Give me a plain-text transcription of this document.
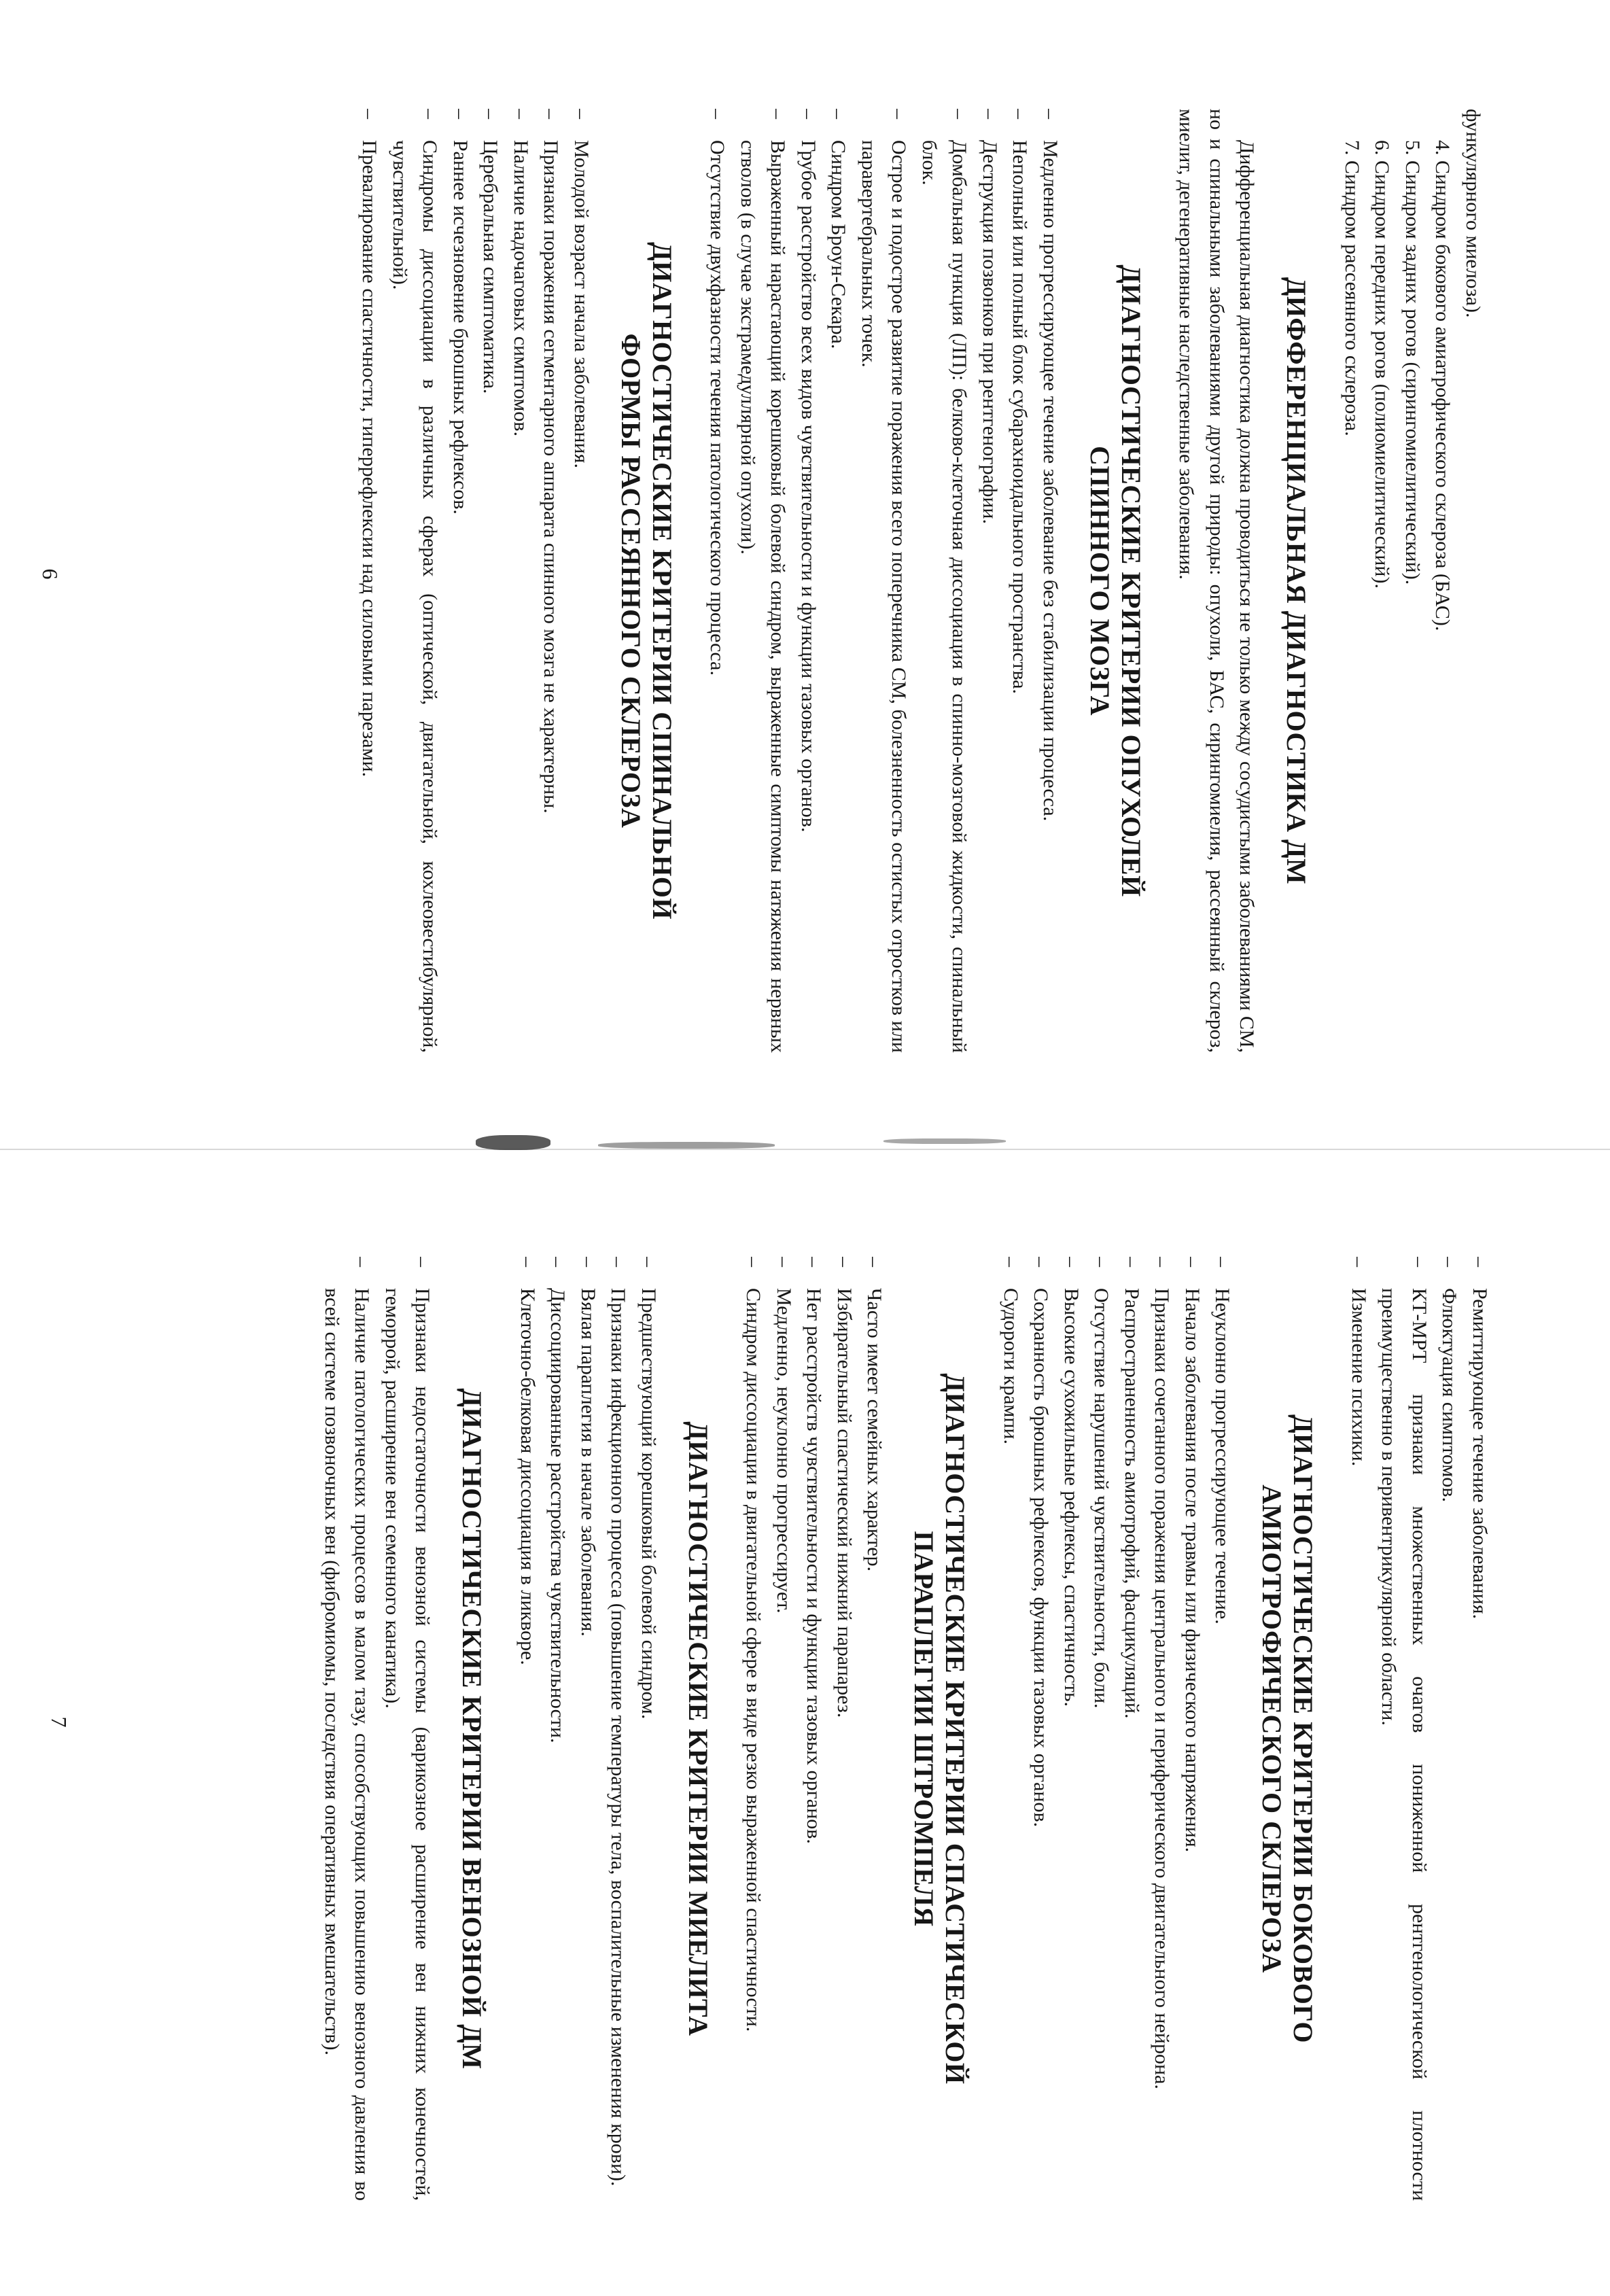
функулярного миелоза).

4. Синдром бокового амиатрофического склероза (БАС).

5. Синдром задних рогов (сирингомиелитический).

6. Синдром передних рогов (полиомиелитический).

7. Синдром рассеянного склероза.

ДИФФЕРЕНЦИАЛЬНАЯ ДИАГНОСТИКА ДМ

Дифференциальная диагностика должна проводиться не только между сосудистыми заболеваниями СМ, но и спинальными заболеваниями другой природы: опухоли, БАС, сирингомиелия, рассеянный склероз, миелит, дегенеративные наследственные заболевания.

ДИАГНОСТИЧЕСКИЕ КРИТЕРИИ ОПУХОЛЕЙ
СПИННОГО МОЗГА
–
Медленно прогрессирующее течение заболевание без стабилизации процесса.
–
Неполный или полный блок субарахноидального пространства.
–
Деструкция позвонков при рентгенографии.
–
Домбальная пункция (ЛП): белково-клеточная диссоциация в спинно-мозговой жидкости, спинальный блок.
–
Острое и подострое развитие поражения всего поперечника СМ, болезненность остистых отростков или паравертебральных точек.
–
Синдром Броун-Секара.
–
Грубое расстройство всех видов чувствительности и функции тазовых органов.
–
Выраженный нарастающий корешковый болевой синдром, выраженные симптомы натяжения нервных стволов (в случае экстрамедуллярной опухоли).
–
Отсутствие двухфазности течения патологического процесса.
ДИАГНОСТИЧЕСКИЕ КРИТЕРИИ СПИНАЛЬНОЙ
ФОРМЫ РАССЕЯННОГО СКЛЕРОЗА
–
Молодой возраст начала заболевания.
–
Признаки поражения сегментарного аппарата спинного мозга не характерны.
–
Наличие надочаговых симптомов.
–
Церебральная симптоматика.
–
Раннее исчезновение брюшных рефлексов.
–
Синдромы диссоциации в различных сферах (оптической, двигательной, кохлеовестибулярной, чувствительной).
–
Превалирование спастичности, гиперрефлексии над силовыми парезами.
6
–
Ремиттирующее течение заболевания.
–
Флюктуация симптомов.
–
КТ-МРТ признаки множественных очагов пониженной рентгенологической плотности преимущественно в перивентрикулярной области.
–
Изменение психики.
ДИАГНОСТИЧЕСКИЕ КРИТЕРИИ БОКОВОГО
АМИОТРОФИЧЕСКОГО СКЛЕРОЗА
–
Неуклонно прогрессирующее течение.
–
Начало заболевания после травмы или физического напряжения.
–
Признаки сочетанного поражения центрального и периферического двигательного нейрона.
–
Распространенность амиотрофий, фасцикуляций.
–
Отсутствие нарушений чувствительности, боли.
–
Высокие сухожильные рефлексы, спастичность.
–
Сохранность брюшных рефлексов, функции тазовых органов.
–
Судороги крампи.
ДИАГНОСТИЧЕСКИЕ КРИТЕРИИ СПАСТИЧЕСКОЙ
ПАРАПЛЕГИИ ШТРОМПЕЛЯ
–
Часто имеет семейных характер.
–
Избирательный спастический нижний парапарез.
–
Нет расстройств чувствительности и функции тазовых органов.
–
Медленно, неуклонно прогрессирует.
–
Синдром диссоциации в двигательной сфере в виде резко выраженной спастичности.
ДИАГНОСТИЧЕСКИЕ КРИТЕРИИ МИЕЛИТА
–
Предшествующий корешковый болевой синдром.
–
Признаки инфекционного процесса (повышение температуры тела, воспалительные изменения крови).
–
Вялая параплегия в начале заболевания.
–
Диссоциированные расстройства чувствительности.
–
Клеточно-белковая диссоциация в ликворе.
ДИАГНОСТИЧЕСКИЕ КРИТЕРИИ ВЕНОЗНОЙ ДМ
–
Признаки недостаточности венозной системы (варикозное расширение вен нижних конечностей, геморрой, расширение вен семенного канатика).
–
Наличие патологических процессов в малом тазу, способствующих повышению венозного давления во всей системе позвоночных вен (фибромиомы, последствия оперативных вмешательств).
7
